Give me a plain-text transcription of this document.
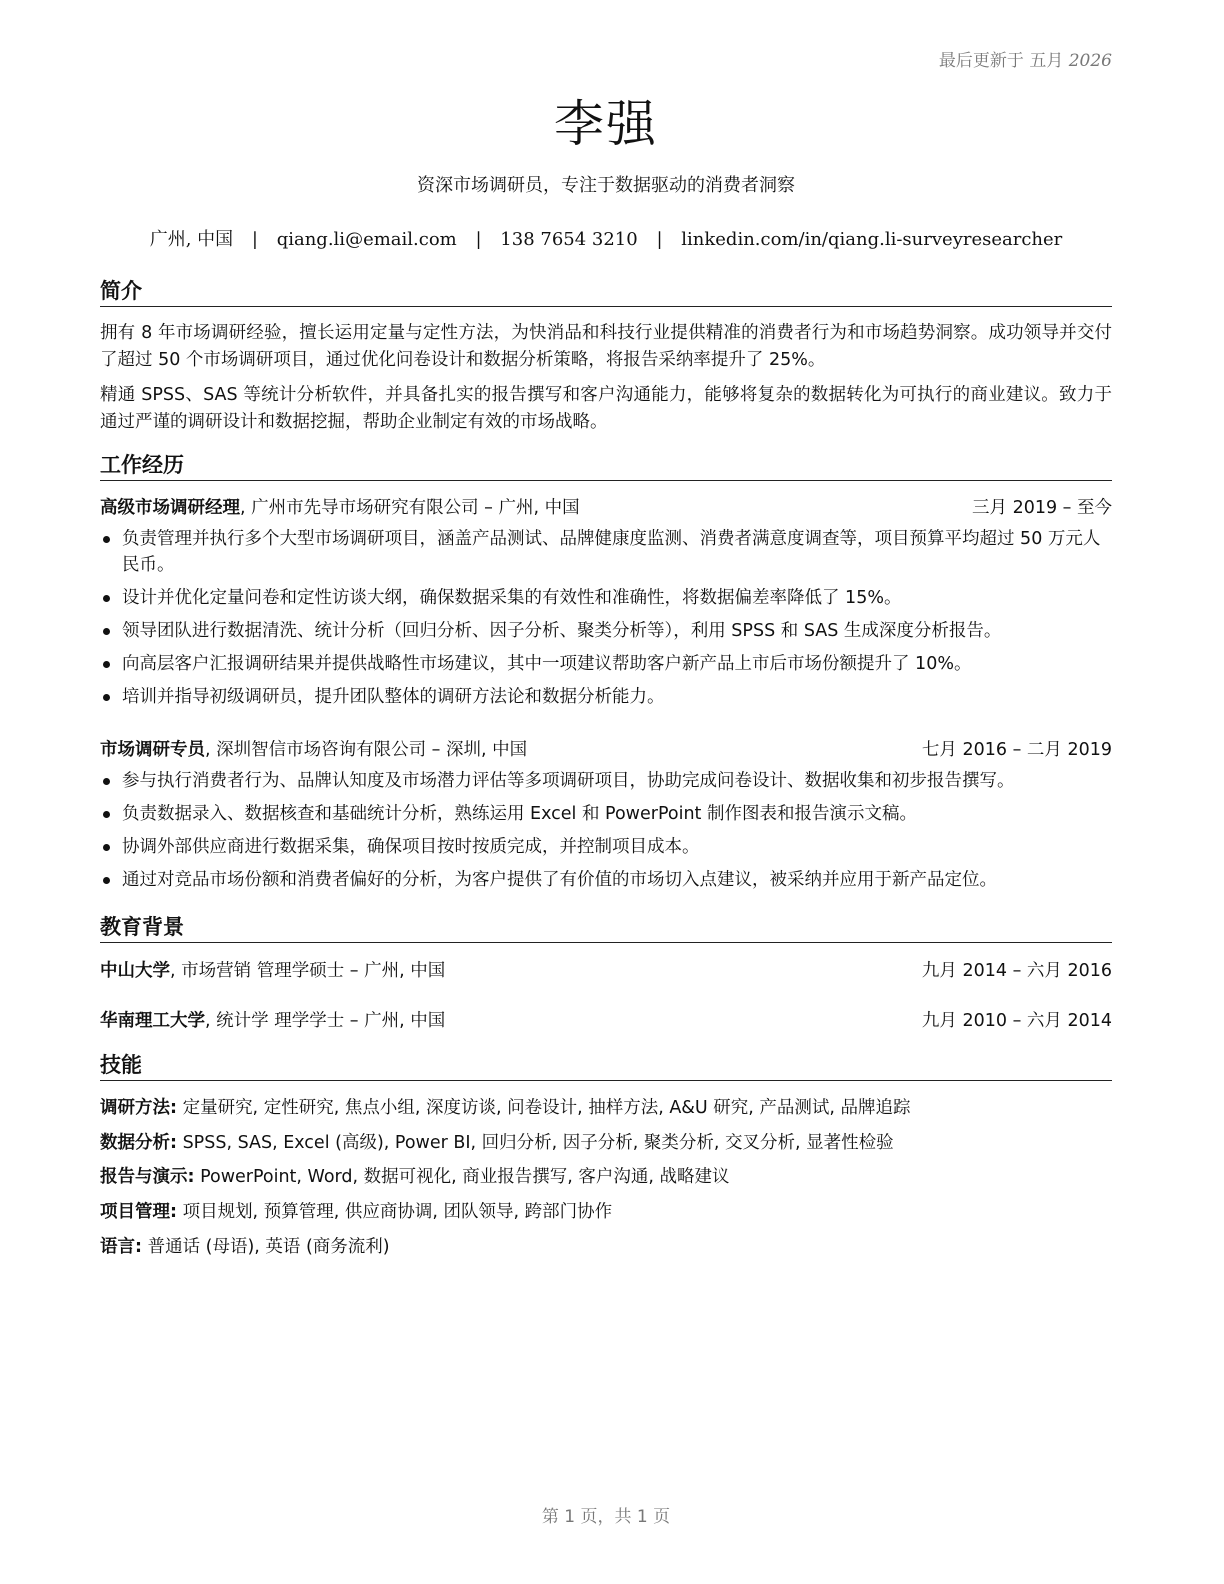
最后更新于 五月 2026
李强
资深市场调研员，专注于数据驱动的消费者洞察
广州, 中国 | qiang.li@email.com | 138 7654 3210 | linkedin.com/in/qiang.li-surveyresearcher
简介
拥有 8 年市场调研经验，擅长运用定量与定性方法，为快消品和科技行业提供精准的消费者行为和市场趋势洞察。成功领导并交付了超过 50 个市场调研项目，通过优化问卷设计和数据分析策略，将报告采纳率提升了 25%。
精通 SPSS、SAS 等统计分析软件，并具备扎实的报告撰写和客户沟通能力，能够将复杂的数据转化为可执行的商业建议。致力于通过严谨的调研设计和数据挖掘，帮助企业制定有效的市场战略。
工作经历
高级市场调研经理, 广州市先导市场研究有限公司 – 广州, 中国	三月 2019 – 至今
负责管理并执行多个大型市场调研项目，涵盖产品测试、品牌健康度监测、消费者满意度调查等，项目预算平均超过 50 万元人民币。
设计并优化定量问卷和定性访谈大纲，确保数据采集的有效性和准确性，将数据偏差率降低了 15%。
领导团队进行数据清洗、统计分析（回归分析、因子分析、聚类分析等），利用 SPSS 和 SAS 生成深度分析报告。
向高层客户汇报调研结果并提供战略性市场建议，其中一项建议帮助客户新产品上市后市场份额提升了 10%。
培训并指导初级调研员，提升团队整体的调研方法论和数据分析能力。
市场调研专员, 深圳智信市场咨询有限公司 – 深圳, 中国	七月 2016 – 二月 2019
参与执行消费者行为、品牌认知度及市场潜力评估等多项调研项目，协助完成问卷设计、数据收集和初步报告撰写。
负责数据录入、数据核查和基础统计分析，熟练运用 Excel 和 PowerPoint 制作图表和报告演示文稿。
协调外部供应商进行数据采集，确保项目按时按质完成，并控制项目成本。
通过对竞品市场份额和消费者偏好的分析，为客户提供了有价值的市场切入点建议，被采纳并应用于新产品定位。
教育背景
中山大学, 市场营销 管理学硕士 – 广州, 中国	九月 2014 – 六月 2016
华南理工大学, 统计学 理学学士 – 广州, 中国	九月 2010 – 六月 2014
技能
调研方法: 定量研究, 定性研究, 焦点小组, 深度访谈, 问卷设计, 抽样方法, A&U 研究, 产品测试, 品牌追踪
数据分析: SPSS, SAS, Excel (高级), Power BI, 回归分析, 因子分析, 聚类分析, 交叉分析, 显著性检验
报告与演示: PowerPoint, Word, 数据可视化, 商业报告撰写, 客户沟通, 战略建议
项目管理: 项目规划, 预算管理, 供应商协调, 团队领导, 跨部门协作
语言: 普通话 (母语), 英语 (商务流利)
第 1 页，共 1 页
